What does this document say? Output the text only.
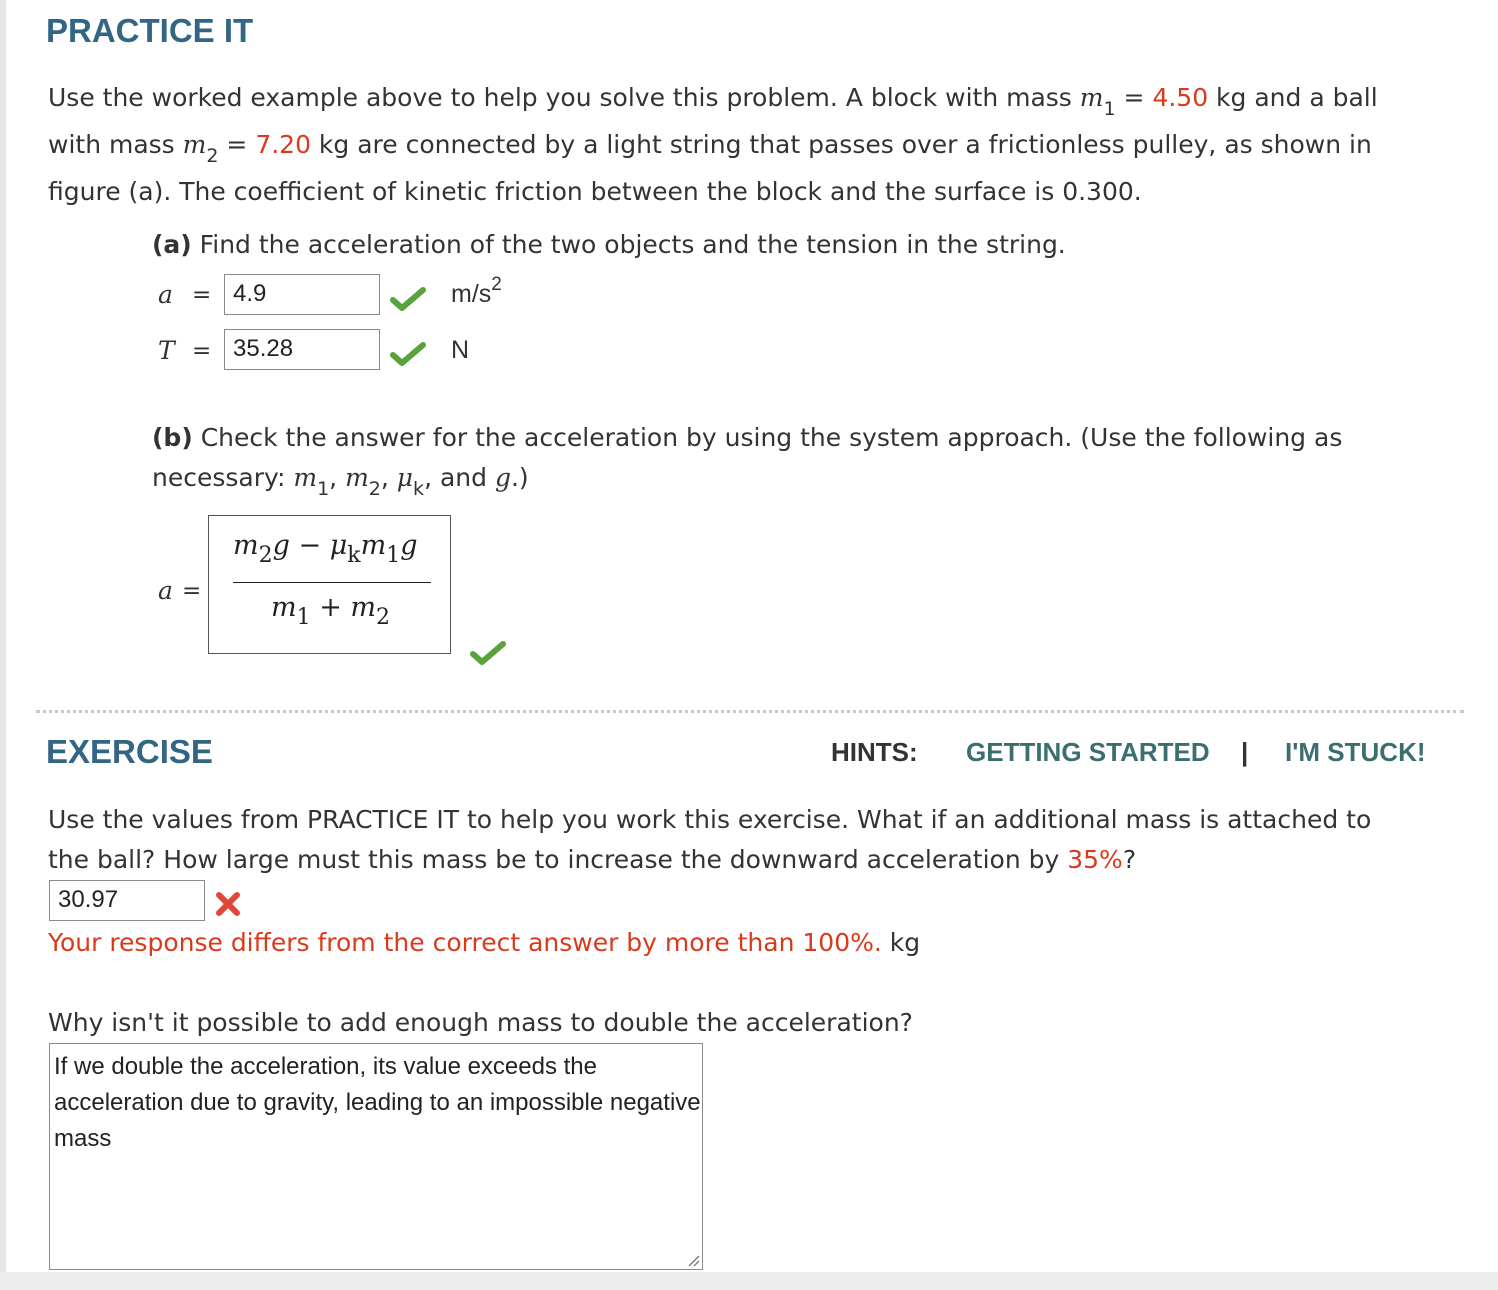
PRACTICE IT
Use the worked example above to help you solve this problem. A block with mass $m_1 = 4.50$ kg and a ball
with mass $m_2 = 7.20$ kg are connected by a light string that passes over a frictionless pulley, as shown in
figure (a). The coefficient of kinetic friction between the block and the surface is 0.300.
(a) Find the acceleration of the two objects and the tension in the string.
a = 4.9	$m/s^2$
T = 35.28	N
(b) Check the answer for the acceleration by using the system approach. (Use the following as
necessary: $m_1$, $m_2$, $\mu_k$, and g.)
a =
$m_2g - \mu_km_1g$
$m_1 + m_2$
EXERCISE	HINTS: GETTING STARTED | I'M STUCK!
Use the values from PRACTICE IT to help you work this exercise. What if an additional mass is attached to
the ball? How large must this mass be to increase the downward acceleration by 35%?
30.97
Your response differs from the correct answer by more than 100%. kg
Why isn't it possible to add enough mass to double the acceleration?
If we double the acceleration, its value exceeds the acceleration due to gravity, leading to an impossible negative mass
